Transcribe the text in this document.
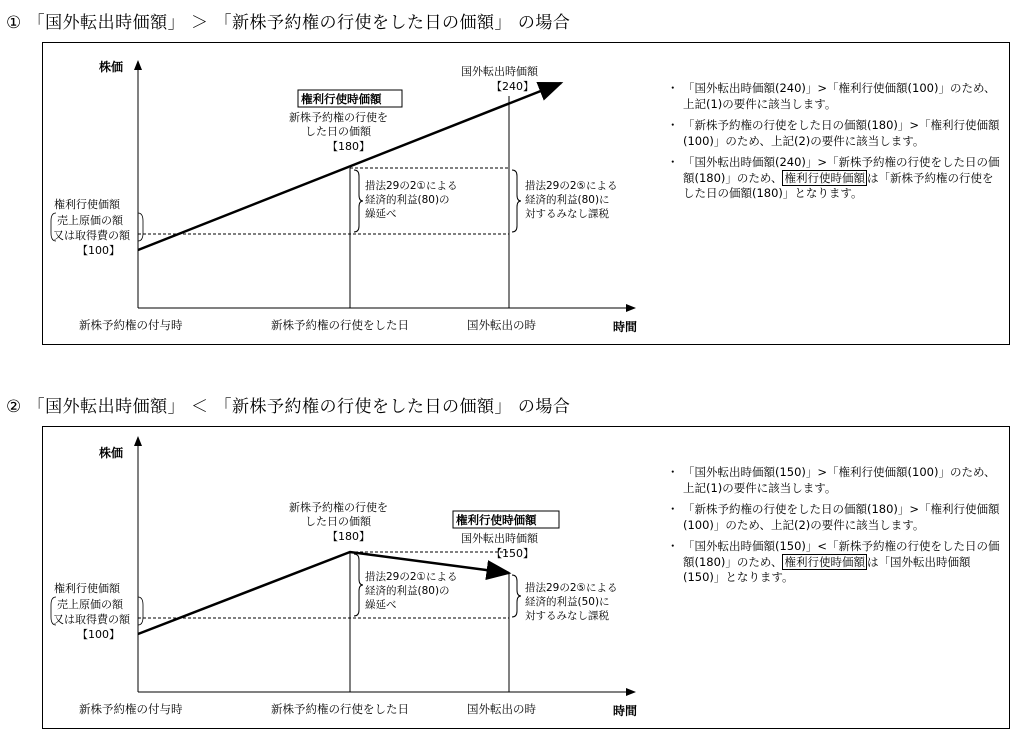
① 「国外転出時価額」 ＞ 「新株予約権の行使をした日の価額」 の場合
株価
時間
新株予約権の付与時	新株予約権の行使をした日	国外転出の時
権利行使価額
売上原価の額
又は取得費の額
【100】
権利行使時価額
新株予約権の行使を
した日の価額
【180】
国外転出時価額
【240】
措法29の2①による
経済的利益(80)の
繰延べ
措法29の2⑤による
経済的利益(80)に
対するみなし課税
・ 「国外転出時価額(240)」>「権利行使価額(100)」のため、上記(1)の要件に該当します。
・ 「新株予約権の行使をした日の価額(180)」>「権利行使価額(100)」のため、上記(2)の要件に該当します。
・ 「国外転出時価額(240)」>「新株予約権の行使をした日の価額(180)」のため、 権利行使時価額 は「新株予約権の行使をした日の価額(180)」となります。
② 「国外転出時価額」 ＜ 「新株予約権の行使をした日の価額」 の場合
株価
時間
新株予約権の付与時	新株予約権の行使をした日	国外転出の時
権利行使価額
売上原価の額
又は取得費の額
【100】
新株予約権の行使を
した日の価額
【180】
権利行使時価額
国外転出時価額
【150】
措法29の2①による
経済的利益(80)の
繰延べ
措法29の2⑤による
経済的利益(50)に
対するみなし課税
・ 「国外転出時価額(150)」>「権利行使価額(100)」のため、上記(1)の要件に該当します。
・ 「新株予約権の行使をした日の価額(180)」>「権利行使価額(100)」のため、上記(2)の要件に該当します。
・ 「国外転出時価額(150)」<「新株予約権の行使をした日の価額(180)」のため、 権利行使時価額 は「国外転出時価額(150)」となります。
